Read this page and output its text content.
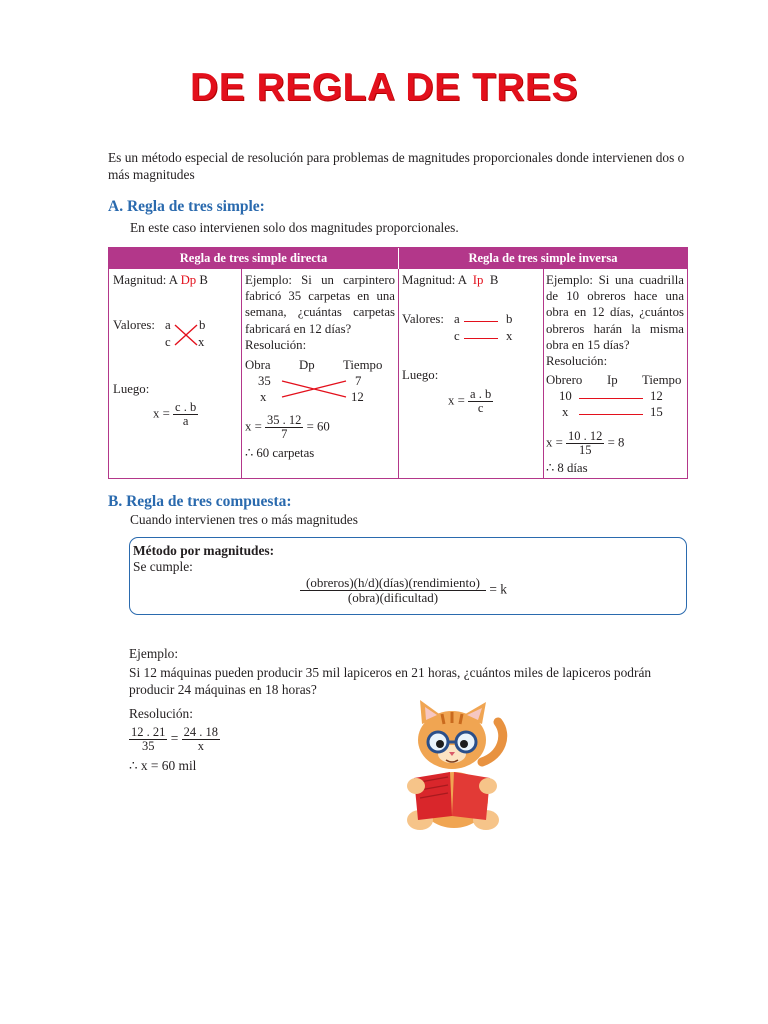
DE REGLA DE TRES
Es un método especial de resolución para problemas de magnitudes proporcionales donde intervienen dos o más magnitudes
A. Regla de tres simple:
En este caso intervienen solo dos magnitudes proporcionales.
Regla de tres simple directa	Regla de tres simple inversa
Magnitud: A Dp B
Valores: a b
c x
Luego:
$x = \frac{c . b}{a}$
Ejemplo: Si un carpintero fabricó 35 carpetas en una semana, ¿cuántas carpetas fabricará en 12 días?
Resolución:
Obra Dp Tiempo
35	7
x	12
$x = \frac{35 . 12}{7} = 60$
∴ 60 carpetas
Magnitud: A Ip B
Valores: a	b
c	x
Luego:
$x = \frac{a . b}{c}$
Ejemplo: Si una cuadrilla de 10 obreros hace una obra en 12 días, ¿cuántos obreros harán la misma obra en 15 días?
Resolución:
Obrero Ip Tiempo
10	12
x	15
$x = \frac{10 . 12}{15} = 8$
∴ 8 días
B. Regla de tres compuesta:
Cuando intervienen tres o más magnitudes
Método por magnitudes:
Se cumple:
$\frac{\text{(obreros)(h/d)(días)(rendimiento)}}{\text{(obra)(dificultad)}} = k$
Ejemplo:
Si 12 máquinas pueden producir 35 mil lapiceros en 21 horas, ¿cuántos miles de lapiceros podrán producir 24 máquinas en 18 horas?
Resolución:
$\frac{12 . 21}{35} = \frac{24 . 18}{x}$
∴ x = 60 mil
